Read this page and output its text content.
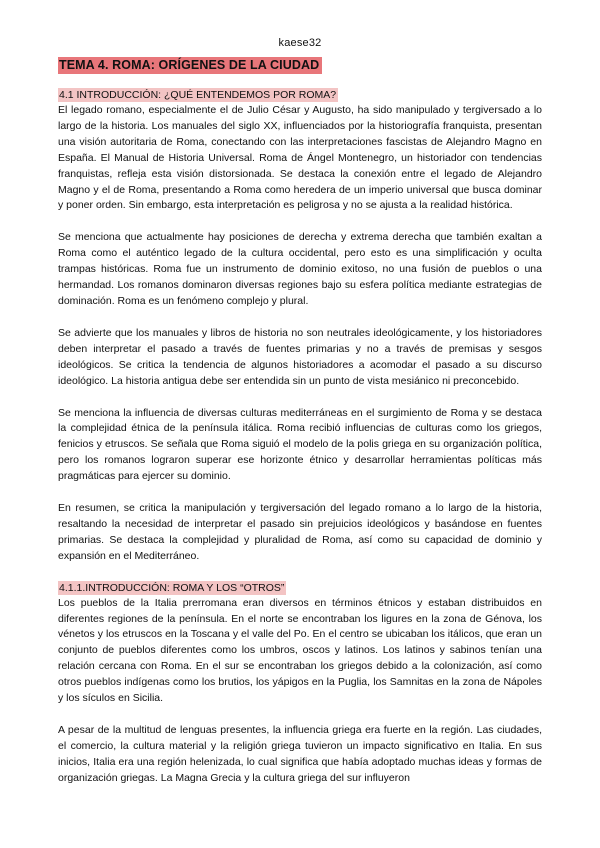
kaese32
TEMA 4. ROMA: ORÍGENES DE LA CIUDAD
4.1 INTRODUCCIÓN: ¿QUÉ ENTENDEMOS POR ROMA?

El legado romano, especialmente el de Julio César y Augusto, ha sido manipulado y tergiversado a lo largo de la historia. Los manuales del siglo XX, influenciados por la historiografía franquista, presentan una visión autoritaria de Roma, conectando con las interpretaciones fascistas de Alejandro Magno en España. El Manual de Historia Universal. Roma de Ángel Montenegro, un historiador con tendencias franquistas, refleja esta visión distorsionada. Se destaca la conexión entre el legado de Alejandro Magno y el de Roma, presentando a Roma como heredera de un imperio universal que busca dominar y poner orden. Sin embargo, esta interpretación es peligrosa y no se ajusta a la realidad histórica.

Se menciona que actualmente hay posiciones de derecha y extrema derecha que también exaltan a Roma como el auténtico legado de la cultura occidental, pero esto es una simplificación y oculta trampas históricas. Roma fue un instrumento de dominio exitoso, no una fusión de pueblos o una hermandad. Los romanos dominaron diversas regiones bajo su esfera política mediante estrategias de dominación. Roma es un fenómeno complejo y plural.

Se advierte que los manuales y libros de historia no son neutrales ideológicamente, y los historiadores deben interpretar el pasado a través de fuentes primarias y no a través de premisas y sesgos ideológicos. Se critica la tendencia de algunos historiadores a acomodar el pasado a su discurso ideológico. La historia antigua debe ser entendida sin un punto de vista mesiánico ni preconcebido.

Se menciona la influencia de diversas culturas mediterráneas en el surgimiento de Roma y se destaca la complejidad étnica de la península itálica. Roma recibió influencias de culturas como los griegos, fenicios y etruscos. Se señala que Roma siguió el modelo de la polis griega en su organización política, pero los romanos lograron superar ese horizonte étnico y desarrollar herramientas políticas más pragmáticas para ejercer su dominio.

En resumen, se critica la manipulación y tergiversación del legado romano a lo largo de la historia, resaltando la necesidad de interpretar el pasado sin prejuicios ideológicos y basándose en fuentes primarias. Se destaca la complejidad y pluralidad de Roma, así como su capacidad de dominio y expansión en el Mediterráneo.

4.1.1.INTRODUCCIÓN: ROMA Y LOS “OTROS”

Los pueblos de la Italia prerromana eran diversos en términos étnicos y estaban distribuidos en diferentes regiones de la península. En el norte se encontraban los ligures en la zona de Génova, los vénetos y los etruscos en la Toscana y el valle del Po. En el centro se ubicaban los itálicos, que eran un conjunto de pueblos diferentes como los umbros, oscos y latinos. Los latinos y sabinos tenían una relación cercana con Roma. En el sur se encontraban los griegos debido a la colonización, así como otros pueblos indígenas como los brutios, los yápigos en la Puglia, los Samnitas en la zona de Nápoles y los sículos en Sicilia.

A pesar de la multitud de lenguas presentes, la influencia griega era fuerte en la región. Las ciudades, el comercio, la cultura material y la religión griega tuvieron un impacto significativo en Italia. En sus inicios, Italia era una región helenizada, lo cual significa que había adoptado muchas ideas y formas de organización griegas. La Magna Grecia y la cultura griega del sur influyeron
